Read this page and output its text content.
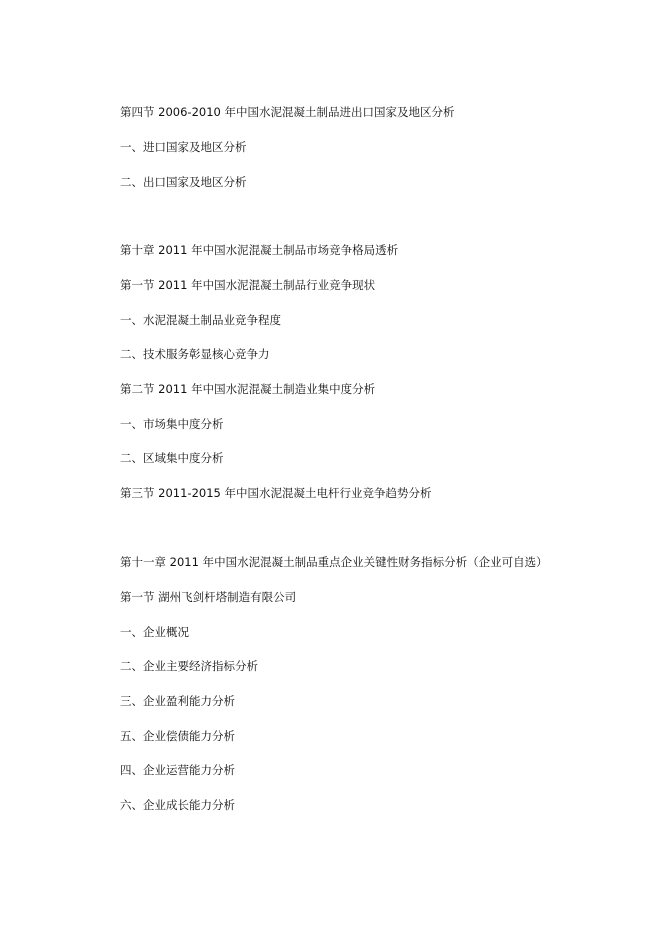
第四节 2006-2010 年中国水泥混凝土制品进出口国家及地区分析
一、进口国家及地区分析
二、出口国家及地区分析
第十章 2011 年中国水泥混凝土制品市场竞争格局透析
第一节 2011 年中国水泥混凝土制品行业竞争现状
一、水泥混凝土制品业竞争程度
二、技术服务彰显核心竞争力
第二节 2011 年中国水泥混凝土制造业集中度分析
一、市场集中度分析
二、区域集中度分析
第三节 2011-2015 年中国水泥混凝土电杆行业竞争趋势分析
第十一章 2011 年中国水泥混凝土制品重点企业关键性财务指标分析（企业可自选）
第一节 湖州飞剑杆塔制造有限公司
一、企业概况
二、企业主要经济指标分析
三、企业盈利能力分析
五、企业偿债能力分析
四、企业运营能力分析
六、企业成长能力分析
